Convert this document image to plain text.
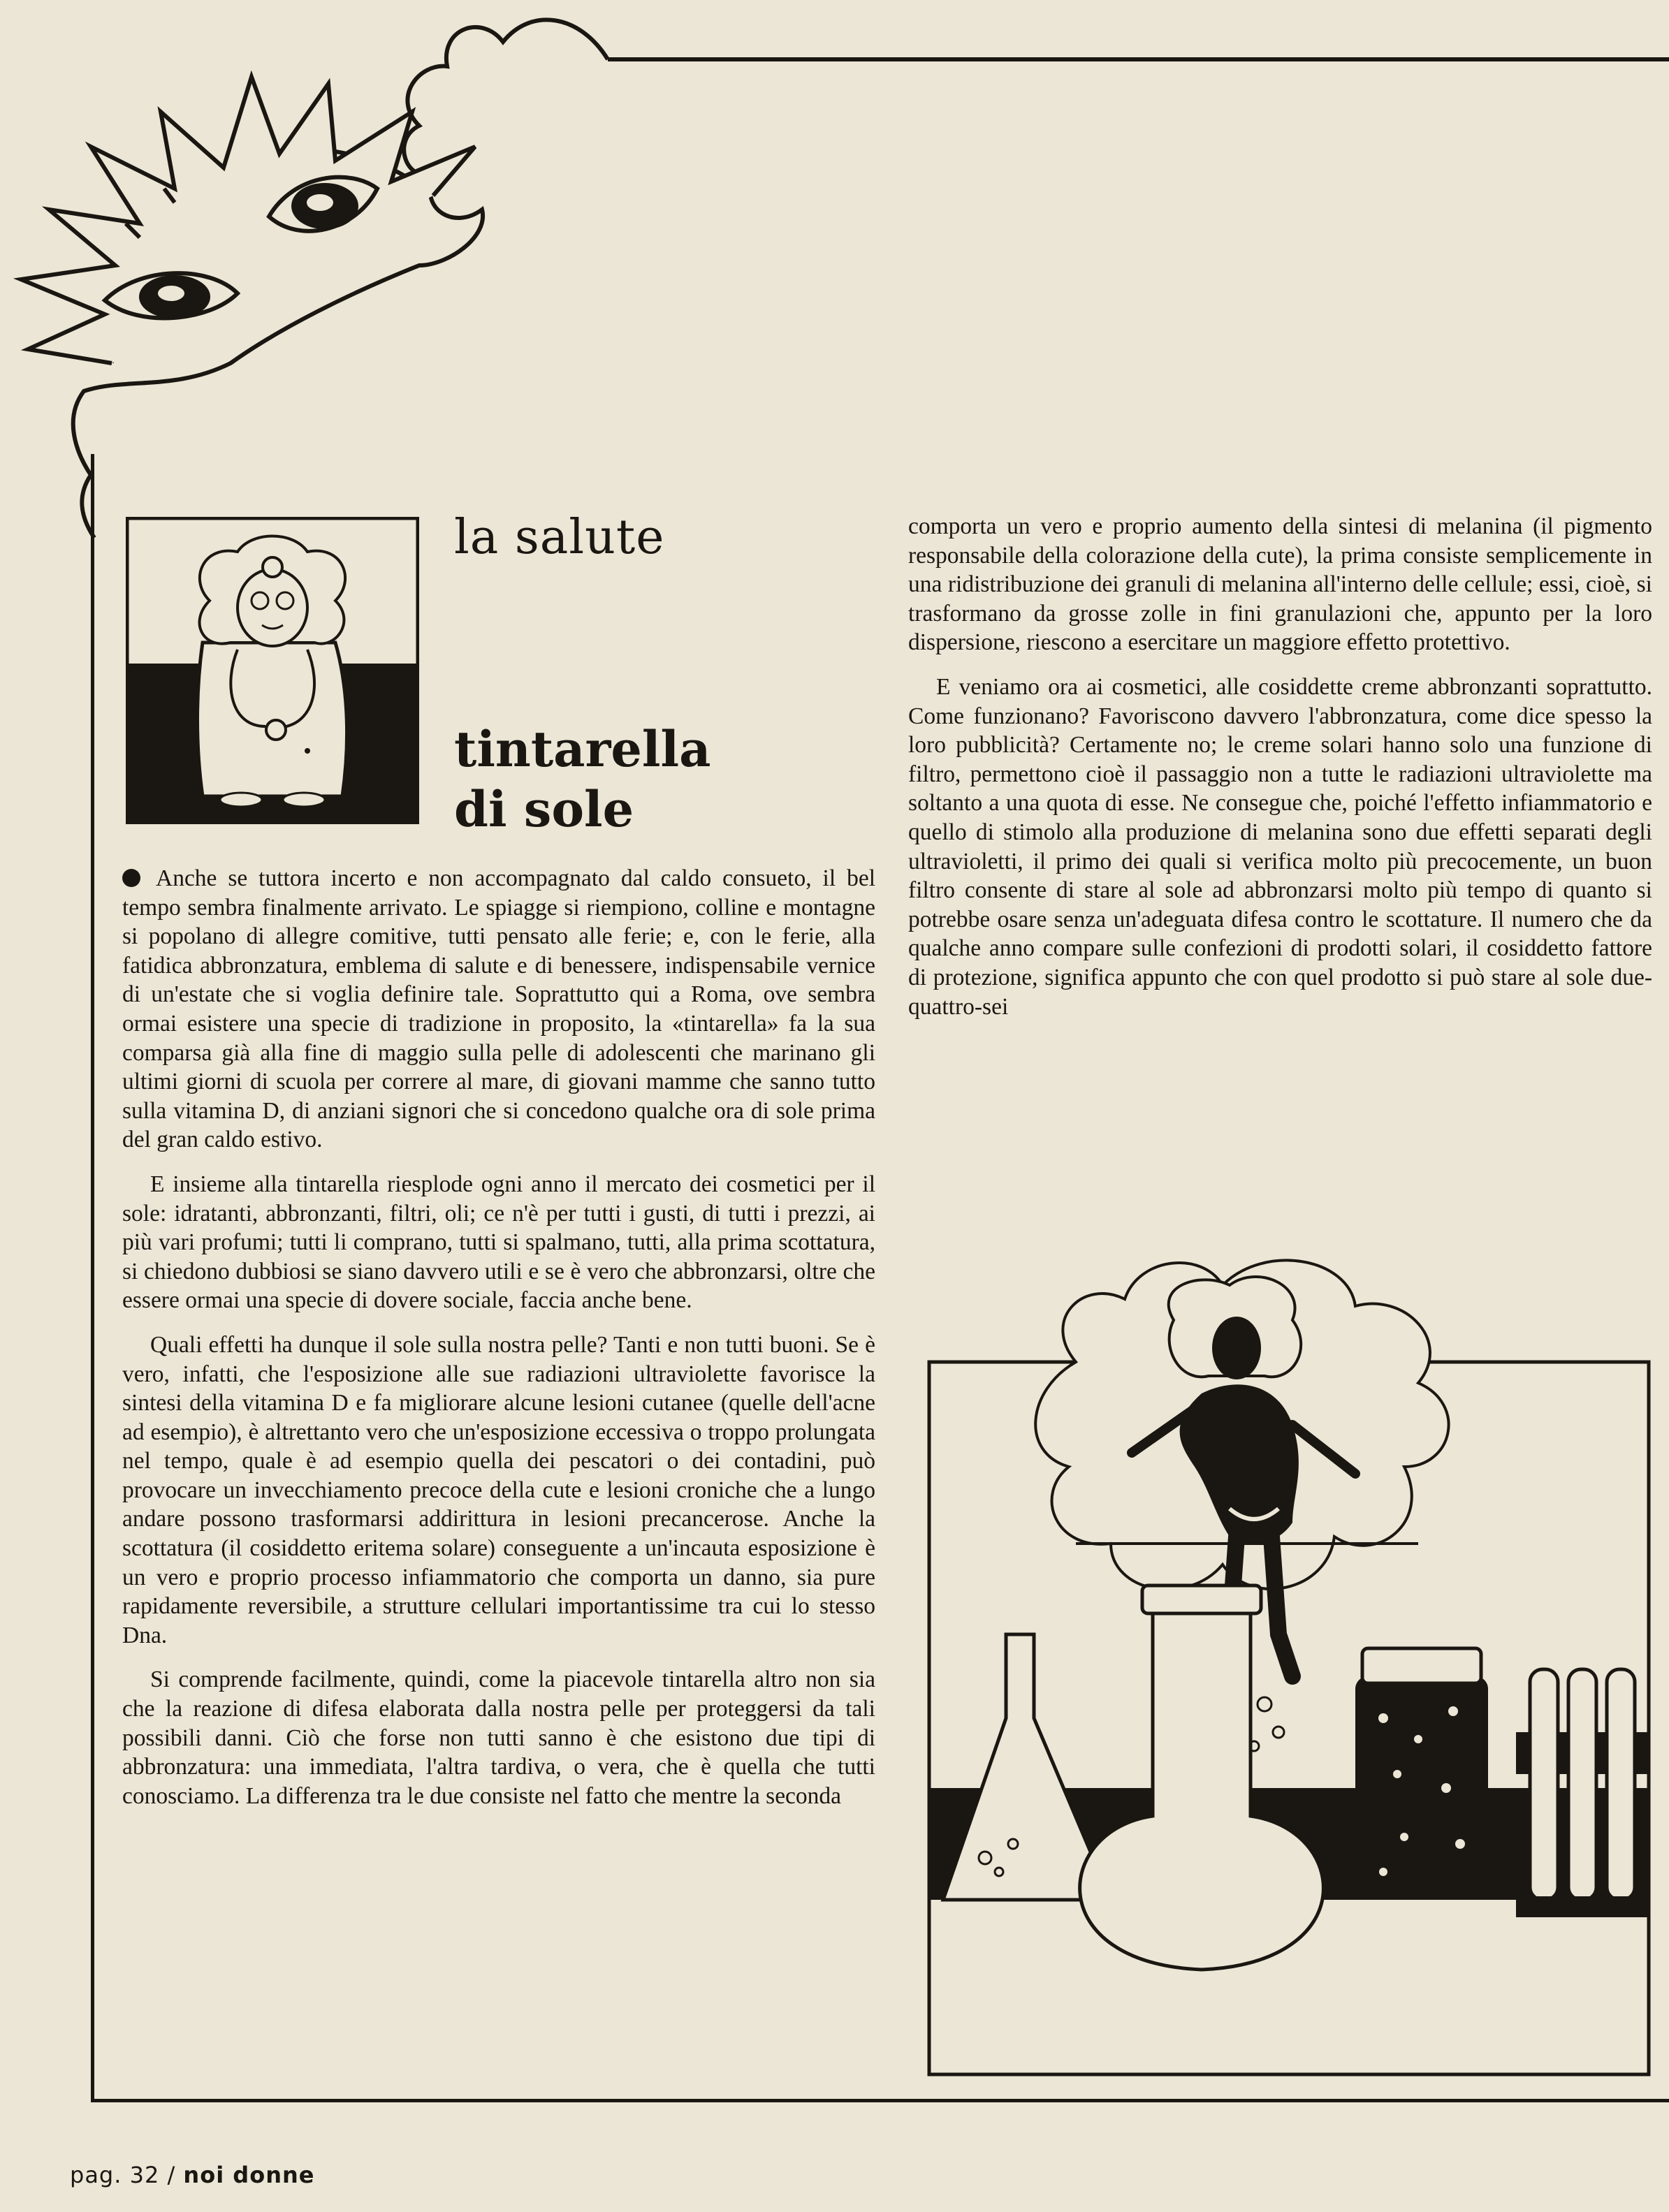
la salute
tintarella
di sole

Anche se tuttora incerto e non accompagnato dal caldo consueto, il bel tempo sembra finalmente arrivato. Le spiagge si riempiono, colline e montagne si popolano di allegre comitive, tutti pensato alle ferie; e, con le ferie, alla fatidica abbronzatura, emblema di salute e di benessere, indispensabile vernice di un'estate che si voglia definire tale. Soprattutto qui a Roma, ove sembra ormai esistere una specie di tradizione in proposito, la «tintarella» fa la sua comparsa già alla fine di maggio sulla pelle di adolescenti che marinano gli ultimi giorni di scuola per correre al mare, di giovani mamme che sanno tutto sulla vitamina D, di anziani signori che si concedono qualche ora di sole prima del gran caldo estivo.

E insieme alla tintarella riesplode ogni anno il mercato dei cosmetici per il sole: idratanti, abbronzanti, filtri, oli; ce n'è per tutti i gusti, di tutti i prezzi, ai più vari profumi; tutti li comprano, tutti si spalmano, tutti, alla prima scottatura, si chiedono dubbiosi se siano davvero utili e se è vero che abbronzarsi, oltre che essere ormai una specie di dovere sociale, faccia anche bene.

Quali effetti ha dunque il sole sulla nostra pelle? Tanti e non tutti buoni. Se è vero, infatti, che l'esposizione alle sue radiazioni ultraviolette favorisce la sintesi della vitamina D e fa migliorare alcune lesioni cutanee (quelle dell'acne ad esempio), è altrettanto vero che un'esposizione eccessiva o troppo prolungata nel tempo, quale è ad esempio quella dei pescatori o dei contadini, può provocare un invecchiamento precoce della cute e lesioni croniche che a lungo andare possono trasformarsi addirittura in lesioni precancerose. Anche la scottatura (il cosiddetto eritema solare) conseguente a un'incauta esposizione è un vero e proprio processo infiammatorio che comporta un danno, sia pure rapidamente reversibile, a strutture cellulari importantissime tra cui lo stesso Dna.

Si comprende facilmente, quindi, come la piacevole tintarella altro non sia che la reazione di difesa elaborata dalla nostra pelle per proteggersi da tali possibili danni. Ciò che forse non tutti sanno è che esistono due tipi di abbronzatura: una immediata, l'altra tardiva, o vera, che è quella che tutti conosciamo. La differenza tra le due consiste nel fatto che mentre la seconda

comporta un vero e proprio aumento della sintesi di melanina (il pigmento responsabile della colorazione della cute), la prima consiste semplicemente in una ridistribuzione dei granuli di melanina all'interno delle cellule; essi, cioè, si trasformano da grosse zolle in fini granulazioni che, appunto per la loro dispersione, riescono a esercitare un maggiore effetto protettivo.

E veniamo ora ai cosmetici, alle cosiddette creme abbronzanti soprattutto. Come funzionano? Favoriscono davvero l'abbronzatura, come dice spesso la loro pubblicità? Certamente no; le creme solari hanno solo una funzione di filtro, permettono cioè il passaggio non a tutte le radiazioni ultraviolette ma soltanto a una quota di esse. Ne consegue che, poiché l'effetto infiammatorio e quello di stimolo alla produzione di melanina sono due effetti separati degli ultravioletti, il primo dei quali si verifica molto più precocemente, un buon filtro consente di stare al sole ad abbronzarsi molto più tempo di quanto si potrebbe osare senza un'adeguata difesa contro le scottature. Il numero che da qualche anno compare sulle confezioni di prodotti solari, il cosiddetto fattore di protezione, significa appunto che con quel prodotto si può stare al sole due-quattro-sei

pag. 32 / noi donne
